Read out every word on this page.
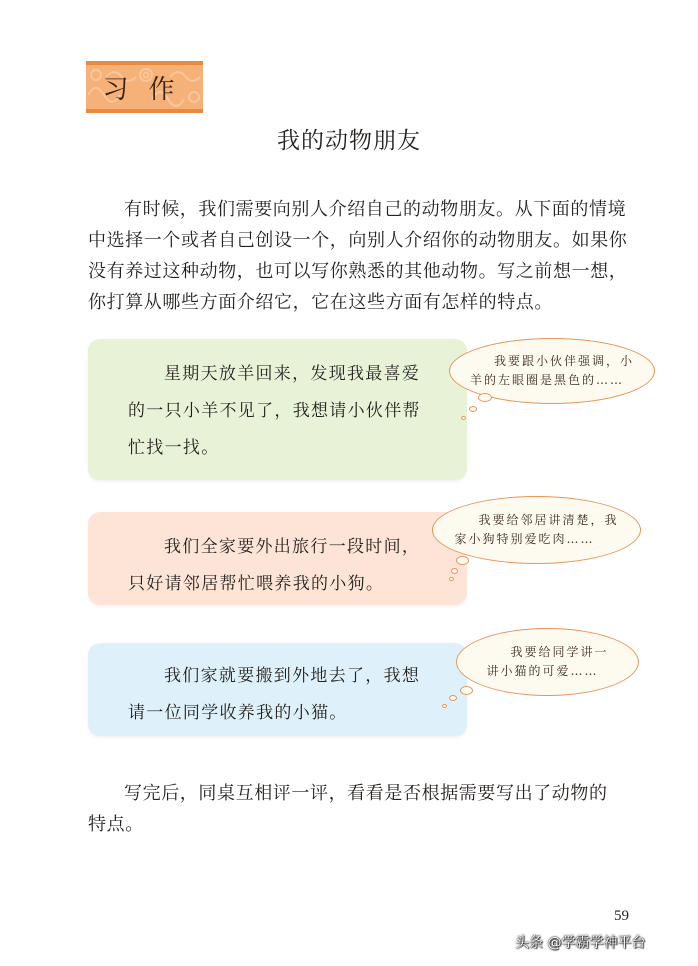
习作
我的动物朋友
有时候，我们需要向别人介绍自己的动物朋友。从下面的情境
中选择一个或者自己创设一个，向别人介绍你的动物朋友。如果你
没有养过这种动物，也可以写你熟悉的其他动物。写之前想一想，
你打算从哪些方面介绍它，它在这些方面有怎样的特点。
星期天放羊回来，发现我最喜爱
的一只小羊不见了，我想请小伙伴帮
忙找一找。
我要跟小伙伴强调，小
羊的左眼圈是黑色的……
我们全家要外出旅行一段时间，
只好请邻居帮忙喂养我的小狗。
我要给邻居讲清楚，我
家小狗特别爱吃肉……
我们家就要搬到外地去了，我想
请一位同学收养我的小猫。
我要给同学讲一
讲小猫的可爱……
写完后，同桌互相评一评，看看是否根据需要写出了动物的
特点。
59
头条 @学霸学神平台
